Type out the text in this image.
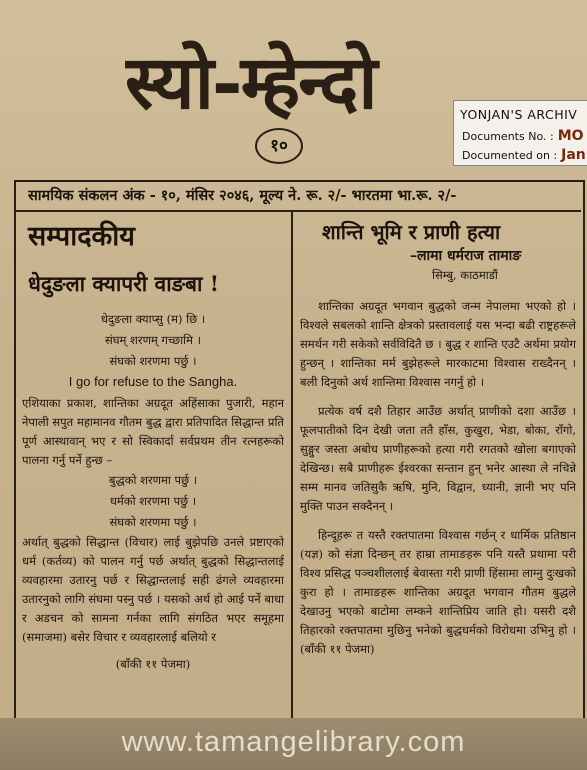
स्यो-म्हेन्दो
१०
YONJAN'S ARCHIV
Documents No. : MO
Documented on : Jan
सामयिक संकलन अंक - १०, मंसिर २०४६, मूल्य ने. रू. २/- भारतमा भा.रू. २/-
सम्पादकीय
धेदुङला क्यापरी वाङबा !

धेदुङला क्याप्सु (म) छि ।

संघम् शरणम् गच्छामि ।

संघको शरणमा पर्छु ।

I go for refuse to the Sangha.

एशियाका प्रकाश, शान्तिका अग्रदूत अहिंसाका पुजारी, महान नेपाली सपुत महामानव गौतम बुद्ध द्वारा प्रतिपादित सिद्धान्त प्रति पूर्ण आस्थावान् भए र सो स्विकार्दा सर्वप्रथम तीन रत्नहरूको पालना गर्नु पर्ने हुन्छ –

बुद्धको शरणमा पर्छु ।

धर्मको शरणमा पर्छु ।

संघको शरणमा पर्छु ।

अर्थात् बुद्धको सिद्धान्त (विचार) लाई बुझेपछि उनले प्रष्टाएको धर्म (कर्तव्य) को पालन गर्नु पर्छ अर्थात् बुद्धको सिद्धान्तलाई व्यवहारमा उतारनु पर्छ र सिद्धान्तलाई सही ढंगले व्यवहारमा उतारनुको लागि संघमा पस्नु पर्छ । यसको अर्थ हो आई पर्ने बाधा र अडचन को सामना गर्नका लागि संगठित भएर समूहमा (समाजमा) बसेर विचार र व्यवहारलाई बलियो र

(बाँकी ११ पेजमा)

शान्ति भूमि र प्राणी हत्या
–लामा धर्मराज तामाङ
सिम्बु, काठमाडौं

शान्तिका अग्रदूत भगवान बुद्धको जन्म नेपालमा भएको हो । विश्वले सबलको शान्ति क्षेत्रको प्रस्तावलाई यस भन्दा बढी राष्ट्रहरूले समर्थन गरी सकेको सर्वविदितै छ । बुद्ध र शान्ति एउटै अर्थमा प्रयोग हुन्छन् । शान्तिका मर्म बुझेहरूले मारकाटमा विश्वास राख्दैनन् । बली दिनुको अर्थ शान्तिमा विश्वास नगर्नु हो ।

प्रत्येक वर्ष दशै तिहार आउँछ अर्थात् प्राणीको दशा आउँछ । फूलपातीको दिन देखी जता ततै हाँस, कुखुरा, भेडा, बोका, राँगो, सुङ्गुर जस्ता अबोध प्राणीहरूको हत्या गरी रगतको खोला बगाएको देखिन्छ। सबै प्राणीहरू ईश्वरका सन्तान हुन् भनेर आस्था ले नचिन्ने सम्म मानव जतिसुकै ऋषि, मुनि, विद्वान, ध्यानी, ज्ञानी भए पनि मुक्ति पाउन सक्दैनन् ।

हिन्दूहरू त यस्तै रक्तपातमा विश्वास गर्छन् र धार्मिक प्रतिष्ठान (यज्ञ) को संज्ञा दिन्छन् तर हाम्रा तामाङहरू पनि यस्तै प्रथामा परी विश्व प्रसिद्ध पञ्चशीललाई बेवास्ता गरी प्राणी हिंसामा लाग्नु दुःखको कुरा हो । तामाङहरू शान्तिका अग्रदूत भगवान गौतम बुद्धले देखाउनु भएको बाटोमा लम्कने शान्तिप्रिय जाति हो। यसरी दशै तिहारको रक्तपातमा मुछिनु भनेको बुद्धधर्मको विरोधमा उभिनु हो । (बाँकी ११ पेजमा)

www.tamangelibrary.com
